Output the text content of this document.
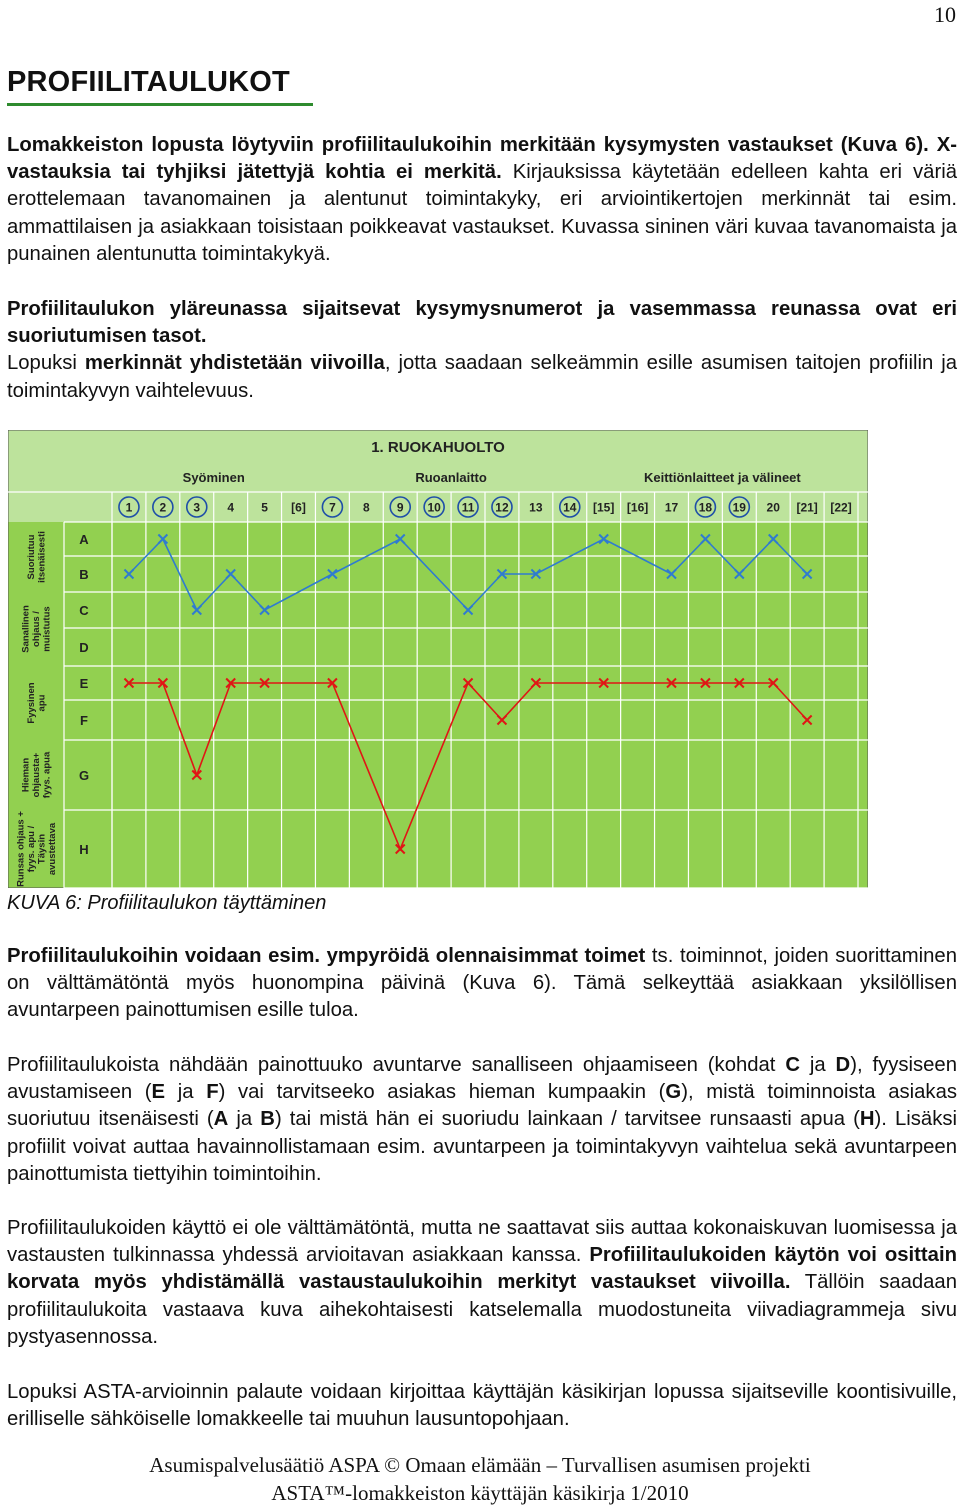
10
PROFIILITAULUKOT

Lomakkeiston lopusta löytyviin profiilitaulukoihin merkitään kysymysten vastaukset (Kuva 6). X-vastauksia tai tyhjiksi jätettyjä kohtia ei merkitä. Kirjauksissa käytetään edelleen kahta eri väriä erottelemaan tavanomainen ja alentunut toimintakyky, eri arviointikertojen merkinnät tai esim. ammattilaisen ja asiakkaan toisistaan poikkeavat vastaukset. Kuvassa sininen väri kuvaa tavanomaista ja punainen alentunutta toimintakykyä.

Profiilitaulukon yläreunassa sijaitsevat kysymysnumerot ja vasemmassa reunassa ovat eri suoriutumisen tasot.
Lopuksi merkinnät yhdistetään viivoilla, jotta saadaan selkeämmin esille asumisen taitojen profiilin ja toimintakyvyn vaihtelevuus.

1. RUOKAHUOLTO
Syöminen	Ruoanlaitto	Keittiönlaitteet ja välineet
1 2 3 4 5 [6] 7 8 9 10 11 12 13 14 [15] [16] 17 18 19 20 [21] [22]
A
B
C
D
E
F
G
H
Suoriutuu itsenäisesti
Sanallinen ohjaus / muistutus
Fyysinen apu
Hieman ohjausta+ fyys. apua
Runsas ohjaus + fyys. apu / Täysin avustettava

KUVA 6: Profiilitaulukon täyttäminen

Profiilitaulukoihin voidaan esim. ympyröidä olennaisimmat toimet ts. toiminnot, joiden suorittaminen on välttämätöntä myös huonompina päivinä (Kuva 6). Tämä selkeyttää asiakkaan yksilöllisen avuntarpeen painottumisen esille tuloa.

Profiilitaulukoista nähdään painottuuko avuntarve sanalliseen ohjaamiseen (kohdat C ja D), fyysiseen avustamiseen (E ja F) vai tarvitseeko asiakas hieman kumpaakin (G), mistä toiminnoista asiakas suoriutuu itsenäisesti (A ja B) tai mistä hän ei suoriudu lainkaan / tarvitsee runsaasti apua (H). Lisäksi profiilit voivat auttaa havainnollistamaan esim. avuntarpeen ja toimintakyvyn vaihtelua sekä avuntarpeen painottumista tiettyihin toimintoihin.

Profiilitaulukoiden käyttö ei ole välttämätöntä, mutta ne saattavat siis auttaa kokonaiskuvan luomisessa ja vastausten tulkinnassa yhdessä arvioitavan asiakkaan kanssa. Profiilitaulukoiden käytön voi osittain korvata myös yhdistämällä vastaustaulukoihin merkityt vastaukset viivoilla. Tällöin saadaan profiilitaulukoita vastaava kuva aihekohtaisesti katselemalla muodostuneita viivadiagrammeja sivu pystyasennossa.

Lopuksi ASTA-arvioinnin palaute voidaan kirjoittaa käyttäjän käsikirjan lopussa sijaitseville koontisivuille, erilliselle sähköiselle lomakkeelle tai muuhun lausuntopohjaan.

Asumispalvelusäätiö ASPA © Omaan elämään – Turvallisen asumisen projekti
ASTA™-lomakkeiston käyttäjän käsikirja 1/2010
